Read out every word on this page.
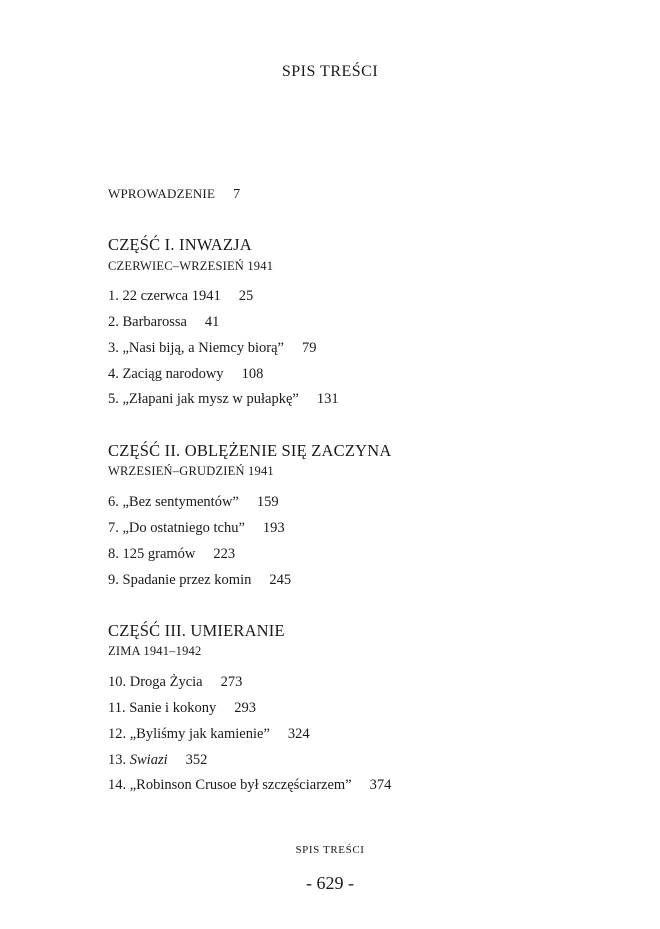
SPIS TREŚCI
WPROWADZENIE 7
CZĘŚĆ I. INWAZJA
CZERWIEC–WRZESIEŃ 1941
1. 22 czerwca 1941 25
2. Barbarossa 41
3. „Nasi biją, a Niemcy biorą” 79
4. Zaciąg narodowy 108
5. „Złapani jak mysz w pułapkę” 131
CZĘŚĆ II. OBLĘŻENIE SIĘ ZACZYNA
WRZESIEŃ–GRUDZIEŃ 1941
6. „Bez sentymentów” 159
7. „Do ostatniego tchu” 193
8. 125 gramów 223
9. Spadanie przez komin 245
CZĘŚĆ III. UMIERANIE
ZIMA 1941–1942
10. Droga Życia 273
11. Sanie i kokony 293
12. „Byliśmy jak kamienie” 324
13. Swiazi 352
14. „Robinson Crusoe był szczęściarzem” 374
SPIS TREŚCI
- 629 -
